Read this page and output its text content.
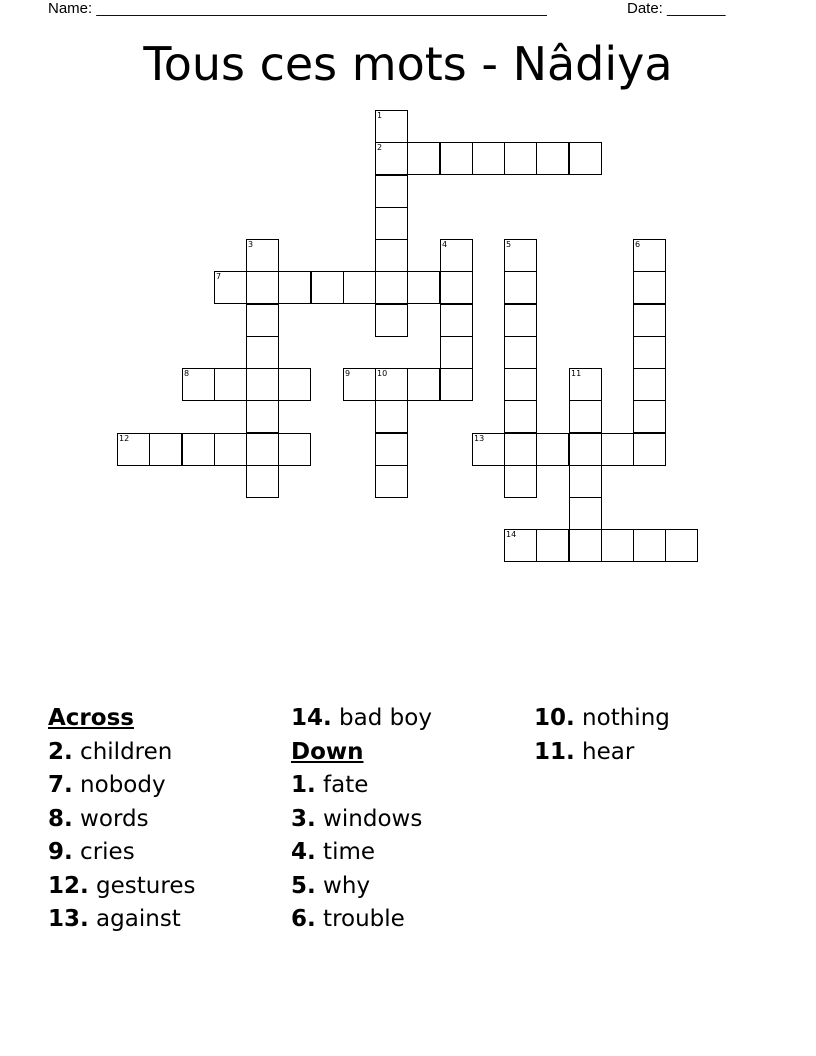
Name: ______________________________________________________	Date: _______
Tous ces mots - Nâdiya
1
2
3	4	5	6
7
8	9	10	11
12	13
14
Across
2. children
7. nobody
8. words
9. cries
12. gestures
13. against
14. bad boy
Down
1. fate
3. windows
4. time
5. why
6. trouble
10. nothing
11. hear
